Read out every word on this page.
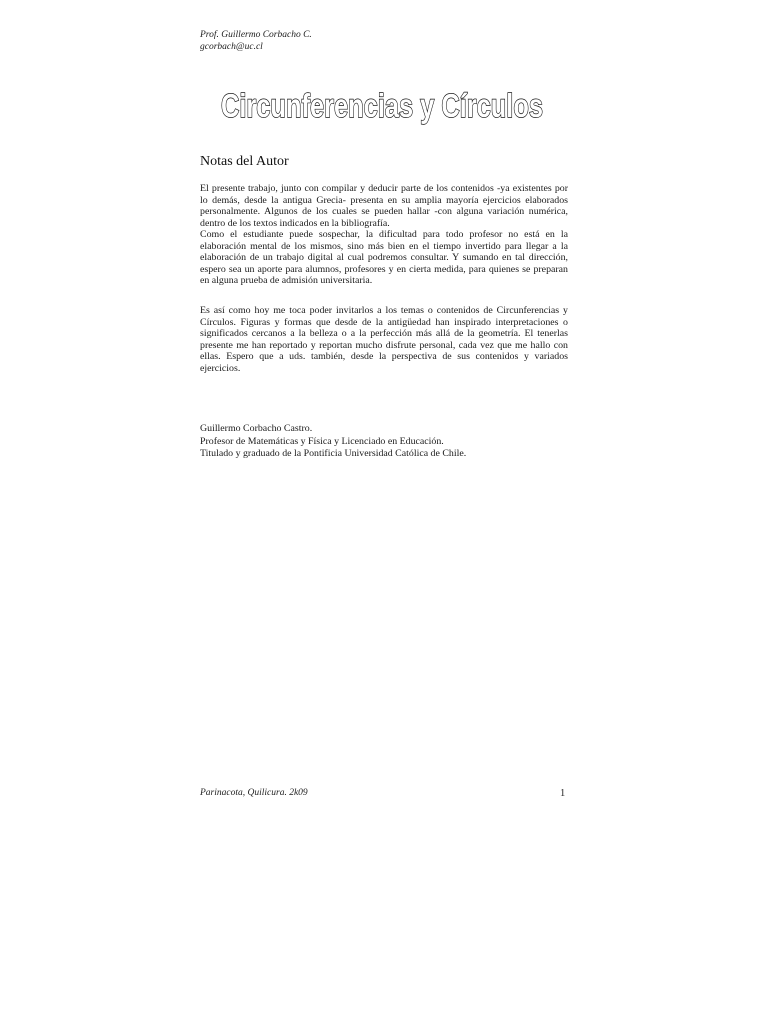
Prof. Guillermo Corbacho C.
gcorbach@uc.cl
Circunferencias y Círculos
Notas del Autor

El presente trabajo, junto con compilar y deducir parte de los contenidos -ya existentes por lo demás, desde la antigua Grecia- presenta en su amplia mayoría ejercicios elaborados personalmente. Algunos de los cuales se pueden hallar -con alguna variación numérica, dentro de los textos indicados en la bibliografía.

Como el estudiante puede sospechar, la dificultad para todo profesor no está en la elaboración mental de los mismos, sino más bien en el tiempo invertido para llegar a la elaboración de un trabajo digital al cual podremos consultar. Y sumando en tal dirección, espero sea un aporte para alumnos, profesores y en cierta medida, para quienes se preparan en alguna prueba de admisión universitaria.

Es así como hoy me toca poder invitarlos a los temas o contenidos de Circunferencias y Círculos. Figuras y formas que desde de la antigüedad han inspirado interpretaciones o significados cercanos a la belleza o a la perfección más allá de la geometría. El tenerlas presente me han reportado y reportan mucho disfrute personal, cada vez que me hallo con ellas. Espero que a uds. también, desde la perspectiva de sus contenidos y variados ejercicios.

Guillermo Corbacho Castro.
Profesor de Matemáticas y Física y Licenciado en Educación.
Titulado y graduado de la Pontificia Universidad Católica de Chile.
Parinacota, Quilicura. 2k09	1
